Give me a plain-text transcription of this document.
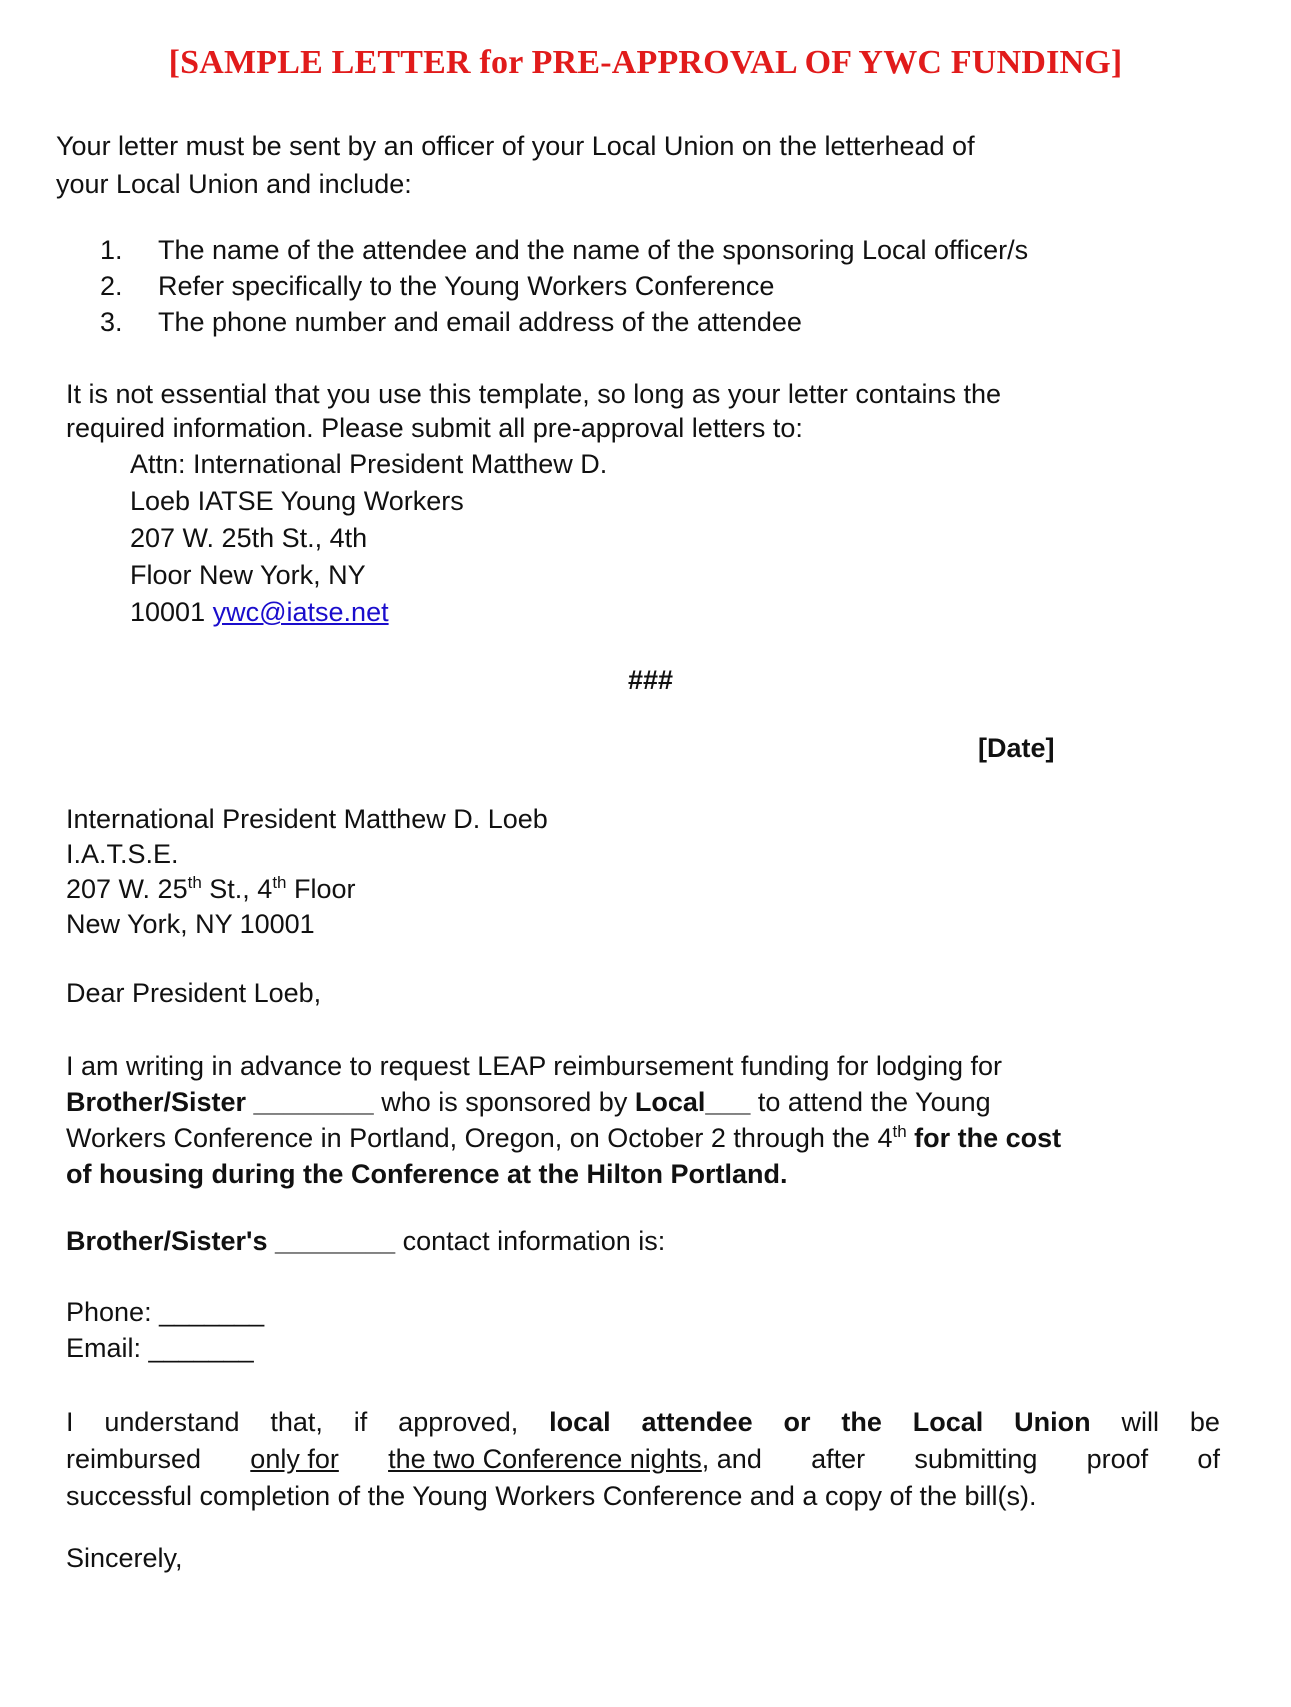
[SAMPLE LETTER for PRE-APPROVAL OF YWC FUNDING]
Your letter must be sent by an officer of your Local Union on the letterhead of
your Local Union and include:
1.	The name of the attendee and the name of the sponsoring Local officer/s
2.	Refer specifically to the Young Workers Conference
3.	The phone number and email address of the attendee
It is not essential that you use this template, so long as your letter contains the
required information. Please submit all pre-approval letters to:
Attn: International President Matthew D.
Loeb IATSE Young Workers
207 W. 25th St., 4th
Floor New York, NY
10001 ywc@iatse.net
###
[Date]
International President Matthew D. Loeb
I.A.T.S.E.
207 W. 25th St., 4th Floor
New York, NY 10001
Dear President Loeb,
I am writing in advance to request LEAP reimbursement funding for lodging for
Brother/Sister ________ who is sponsored by Local___ to attend the Young
Workers Conference in Portland, Oregon, on October 2 through the 4th for the cost
of housing during the Conference at the Hilton Portland.
Brother/Sister's ________ contact information is:
Phone: _______
Email: _______
I understand that, if approved, local attendee or the Local Union will be
reimbursed only for the two Conference nights, and after submitting proof of
successful completion of the Young Workers Conference and a copy of the bill(s).
Sincerely,
